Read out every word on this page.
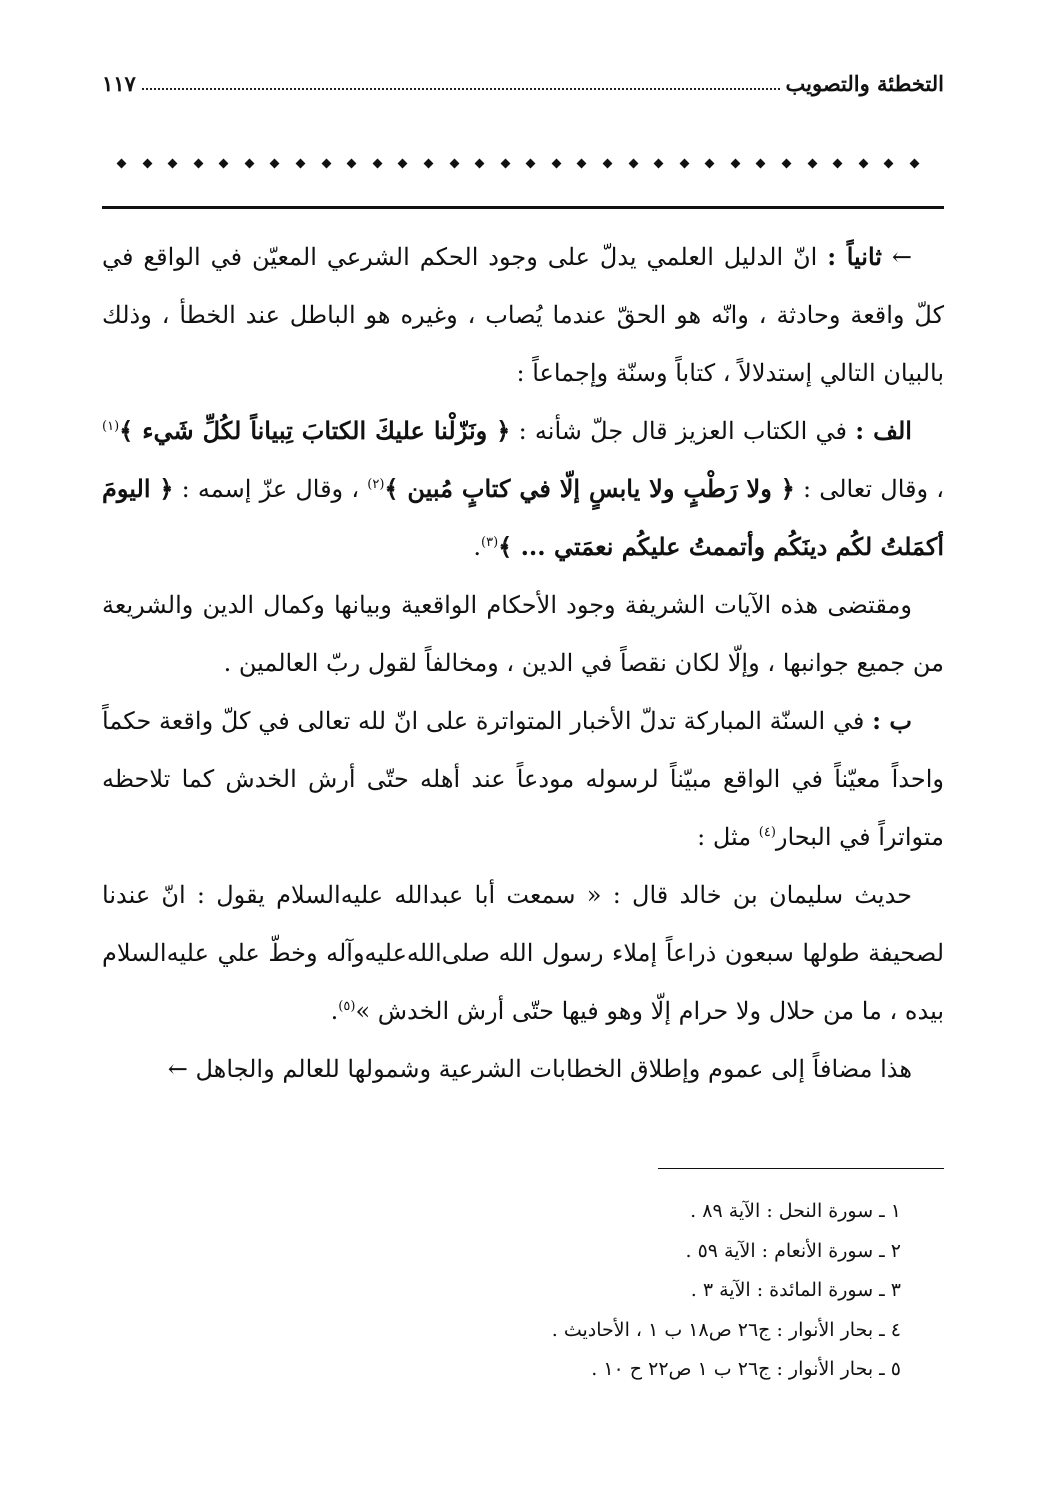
التخطئة والتصويب
١١٧

← ثانياً : انّ الدليل العلمي يدلّ على وجود الحكم الشرعي المعيّن في الواقع في كلّ واقعة وحادثة ، وانّه هو الحقّ عندما يُصاب ، وغيره هو الباطل عند الخطأ ، وذلك بالبيان التالي إستدلالاً ، كتاباً وسنّة وإجماعاً :

الف : في الكتاب العزيز قال جلّ شأنه : ﴿ ونَزّلْنا عليكَ الكتابَ تِبياناً لكُلِّ شَيء ﴾$^{(١)}$ ، وقال تعالى : ﴿ ولا رَطْبٍ ولا يابسٍ إلّا في كتابٍ مُبين ﴾$^{(٢)}$ ، وقال عزّ إسمه : ﴿ اليومَ أكمَلتُ لكُم دينَكُم وأتممتُ عليكُم نعمَتي ... ﴾$^{(٣)}$.

ومقتضى هذه الآيات الشريفة وجود الأحكام الواقعية وبيانها وكمال الدين والشريعة من جميع جوانبها ، وإلّا لكان نقصاً في الدين ، ومخالفاً لقول ربّ العالمين .

ب : في السنّة المباركة تدلّ الأخبار المتواترة على انّ لله تعالى في كلّ واقعة حكماً واحداً معيّناً في الواقع مبيّناً لرسوله مودعاً عند أهله حتّى أرش الخدش كما تلاحظه متواتراً في البحار$^{(٤)}$ مثل :

حديث سليمان بن خالد قال : « سمعت أبا عبدالله عليه‌السلام يقول : انّ عندنا لصحيفة طولها سبعون ذراعاً إملاء رسول الله صلى‌الله‌عليه‌وآله وخطّ علي عليه‌السلام بيده ، ما من حلال ولا حرام إلّا وهو فيها حتّى أرش الخدش »$^{(٥)}$.

هذا مضافاً إلى عموم وإطلاق الخطابات الشرعية وشمولها للعالم والجاهل ←

١ ـ سورة النحل : الآية ٨٩ .
٢ ـ سورة الأنعام : الآية ٥٩ .
٣ ـ سورة المائدة : الآية ٣ .
٤ ـ بحار الأنوار : ج٢٦ ص١٨ ب ١ ، الأحاديث .
٥ ـ بحار الأنوار : ج٢٦ ب ١ ص٢٢ ح ١٠ .
